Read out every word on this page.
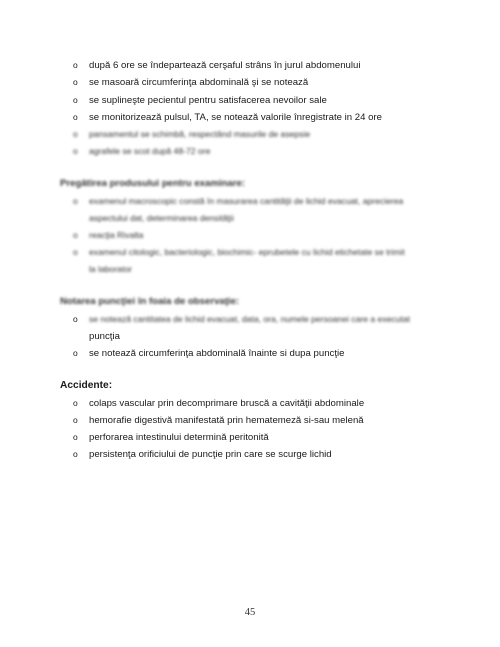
o după 6 ore se îndepartează cerşaful strâns în jurul abdomenului
o se masoară circumferinţa abdominală şi se notează
o se suplineşte pecientul pentru satisfacerea nevoilor sale
o se monitorizează pulsul, TA, se notează valorile înregistrate in 24 ore
o pansamentul se schimbă, respectând masurile de asepsie
o agrafele se scot după 48-72 ore
Pregătirea produsului pentru examinare:
o examenul macroscopic constă în masurarea cantităţii de lichid evacuat, aprecierea
aspectului dat, determinarea densităţii
o reacţia Rivalta
o examenul citologic, bacteriologic, biochimic- eprubetele cu lichid etichetate se trimit
la laborator
Notarea puncţiei în foaia de observaţie:
o se notează cantitatea de lichid evacuat, data, ora, numele persoanei care a executat
puncţia
o se notează circumferinţa abdominală înainte si dupa puncţie
Accidente:
o colaps vascular prin decomprimare bruscă a cavităţii abdominale
o hemorafie digestivă manifestată prin hematemeză si-sau melenă
o perforarea intestinului determină peritonită
o persistenţa orificiului de puncţie prin care se scurge lichid
45
